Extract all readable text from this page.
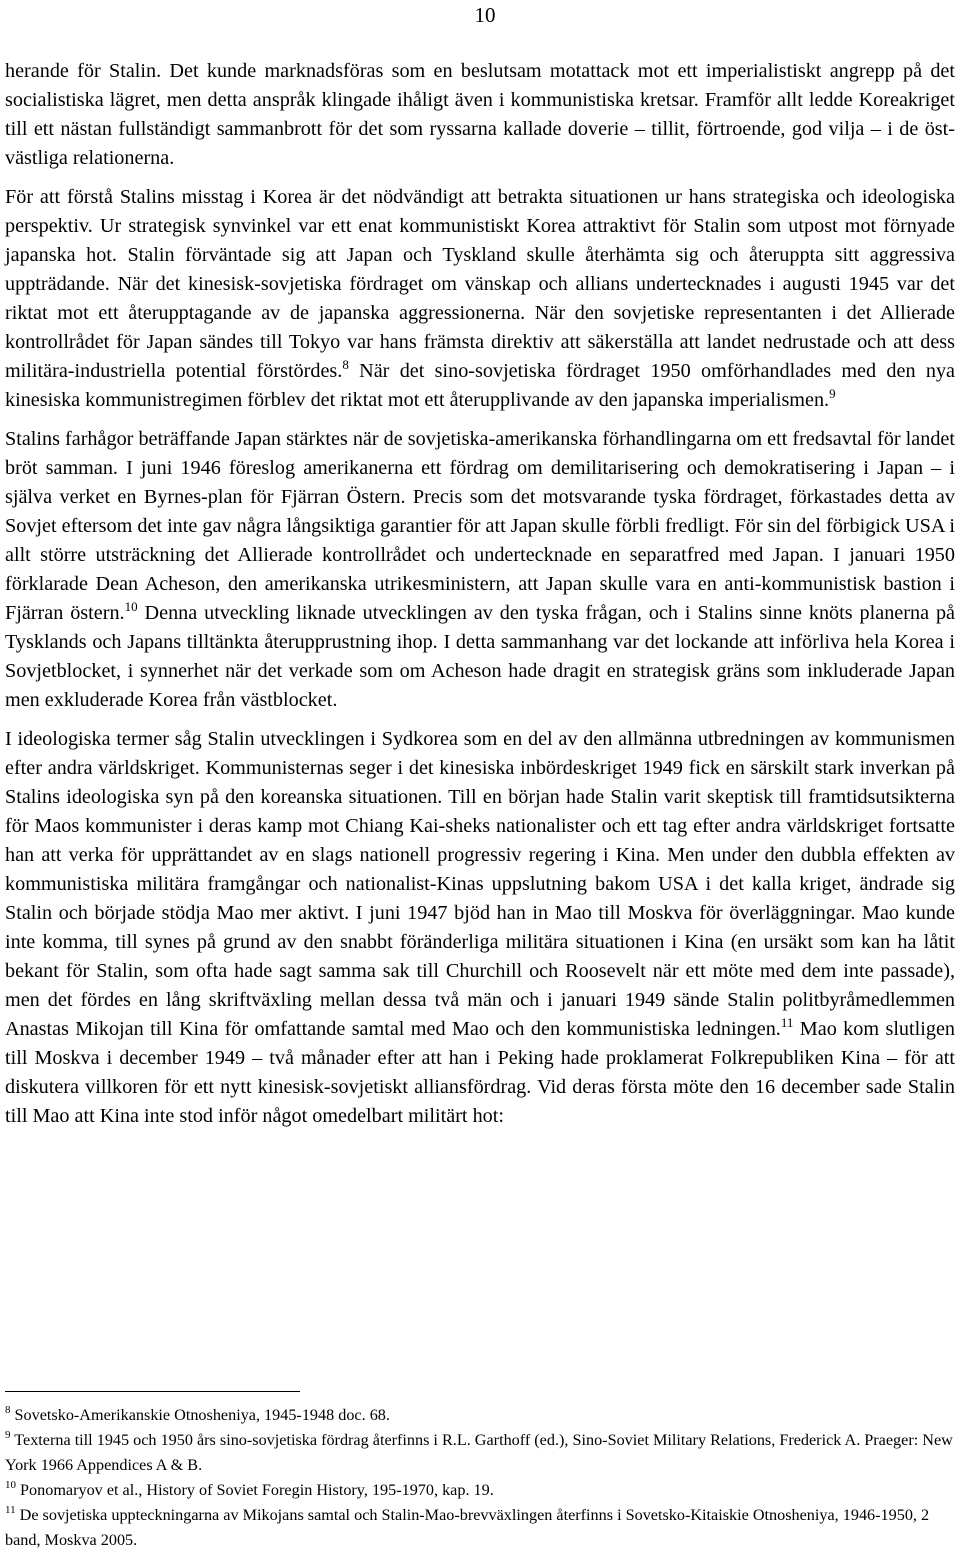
10

herande för Stalin. Det kunde marknadsföras som en beslutsam motattack mot ett imperialistiskt angrepp på det socialistiska lägret, men detta anspråk klingade ihåligt även i kommunistiska kretsar. Framför allt ledde Koreakriget till ett nästan fullständigt sammanbrott för det som ryssarna kallade doverie – tillit, förtroende, god vilja – i de öst-västliga relationerna.

För att förstå Stalins misstag i Korea är det nödvändigt att betrakta situationen ur hans strategiska och ideologiska perspektiv. Ur strategisk synvinkel var ett enat kommunistiskt Korea attraktivt för Stalin som utpost mot förnyade japanska hot. Stalin förväntade sig att Japan och Tyskland skulle återhämta sig och återuppta sitt aggressiva uppträdande. När det kinesisk-sovjetiska fördraget om vänskap och allians undertecknades i augusti 1945 var det riktat mot ett återupptagande av de japanska aggressionerna. När den sovjetiske representanten i det Allierade kontrollrådet för Japan sändes till Tokyo var hans främsta direktiv att säkerställa att landet nedrustade och att dess militära-industriella potential förstördes.$^8$ När det sino-sovjetiska fördraget 1950 omförhandlades med den nya kinesiska kommunistregimen förblev det riktat mot ett återupplivande av den japanska imperialismen.$^9$

Stalins farhågor beträffande Japan stärktes när de sovjetiska-amerikanska förhandlingarna om ett fredsavtal för landet bröt samman. I juni 1946 föreslog amerikanerna ett fördrag om demilitarisering och demokratisering i Japan – i själva verket en Byrnes-plan för Fjärran Östern. Precis som det motsvarande tyska fördraget, förkastades detta av Sovjet eftersom det inte gav några långsiktiga garantier för att Japan skulle förbli fredligt. För sin del förbigick USA i allt större utsträckning det Allierade kontrollrådet och undertecknade en separatfred med Japan. I januari 1950 förklarade Dean Acheson, den amerikanska utrikesministern, att Japan skulle vara en anti-kommunistisk bastion i Fjärran östern.$^{10}$ Denna utveckling liknade utvecklingen av den tyska frågan, och i Stalins sinne knöts planerna på Tysklands och Japans tilltänkta återupprustning ihop. I detta sammanhang var det lockande att införliva hela Korea i Sovjetblocket, i synnerhet när det verkade som om Acheson hade dragit en strategisk gräns som inkluderade Japan men exkluderade Korea från västblocket.

I ideologiska termer såg Stalin utvecklingen i Sydkorea som en del av den allmänna utbredningen av kommunismen efter andra världskriget. Kommunisternas seger i det kinesiska inbördeskriget 1949 fick en särskilt stark inverkan på Stalins ideologiska syn på den koreanska situationen. Till en början hade Stalin varit skeptisk till framtidsutsikterna för Maos kommunister i deras kamp mot Chiang Kai-sheks nationalister och ett tag efter andra världskriget fortsatte han att verka för upprättandet av en slags nationell progressiv regering i Kina. Men under den dubbla effekten av kommunistiska militära framgångar och nationalist-Kinas uppslutning bakom USA i det kalla kriget, ändrade sig Stalin och började stödja Mao mer aktivt. I juni 1947 bjöd han in Mao till Moskva för överläggningar. Mao kunde inte komma, till synes på grund av den snabbt föränderliga militära situationen i Kina (en ursäkt som kan ha låtit bekant för Stalin, som ofta hade sagt samma sak till Churchill och Roosevelt när ett möte med dem inte passade), men det fördes en lång skriftväxling mellan dessa två män och i januari 1949 sände Stalin politbyråmedlemmen Anastas Mikojan till Kina för omfattande samtal med Mao och den kommunistiska ledningen.$^{11}$ Mao kom slutligen till Moskva i december 1949 – två månader efter att han i Peking hade proklamerat Folkrepubliken Kina – för att diskutera villkoren för ett nytt kinesisk-sovjetiskt alliansfördrag. Vid deras första möte den 16 december sade Stalin till Mao att Kina inte stod inför något omedelbart militärt hot:

$^8$ Sovetsko-Amerikanskie Otnosheniya, 1945-1948 doc. 68.

$^9$ Texterna till 1945 och 1950 års sino-sovjetiska fördrag återfinns i R.L. Garthoff (ed.), Sino-Soviet Military Relations, Frederick A. Praeger: New York 1966 Appendices A & B.

$^{10}$ Ponomaryov et al., History of Soviet Foregin History, 195-1970, kap. 19.

$^{11}$ De sovjetiska uppteckningarna av Mikojans samtal och Stalin-Mao-brevväxlingen återfinns i Sovetsko-Kitaiskie Otnosheniya, 1946-1950, 2 band, Moskva 2005.
